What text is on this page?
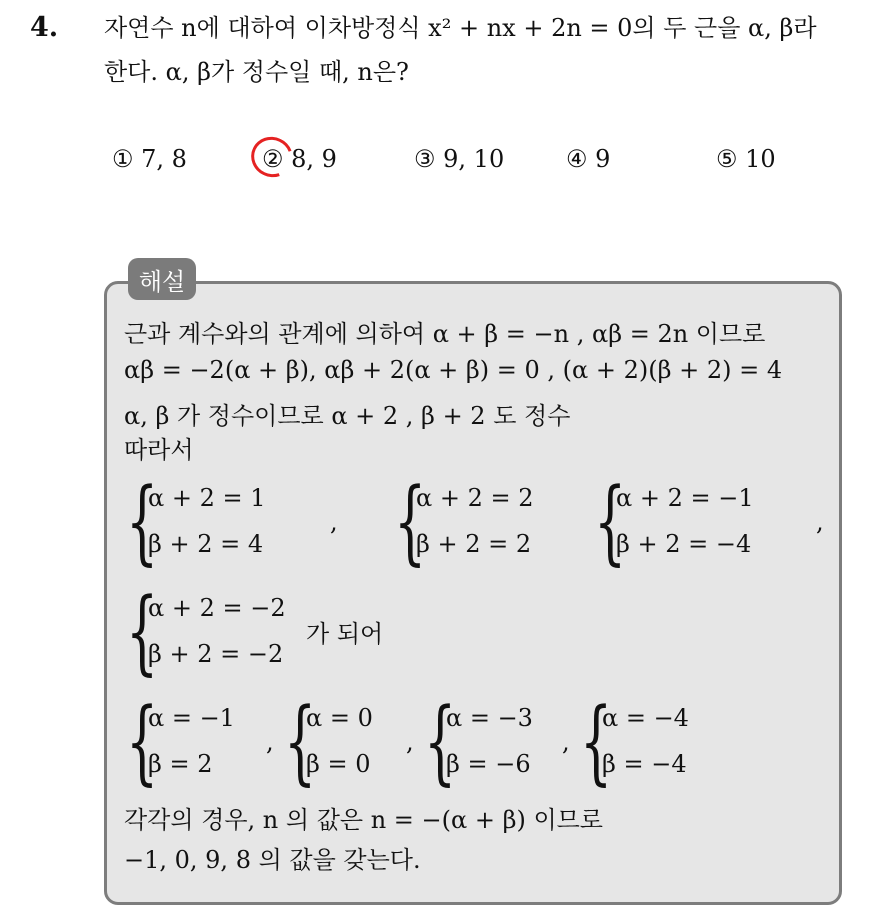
4. 자연수 n에 대하여 이차방정식 x² + nx + 2n = 0의 두 근을 α, β라
한다. α, β가 정수일 때, n은?
① 7, 8	② 8, 9	③ 9, 10	④ 9	⑤ 10
해설
근과 계수와의 관계에 의하여 α + β = −n , αβ = 2n 이므로
αβ = −2(α + β), αβ + 2(α + β) = 0 , (α + 2)(β + 2) = 4
α, β 가 정수이므로 α + 2 , β + 2 도 정수
따라서
{
α + 2 = 1
β + 2 = 4
, {
α + 2 = 2
β + 2 = 2 {
α + 2 = −1
β + 2 = −4
,
{
α + 2 = −2
β + 2 = −2
가 되어
{
α = −1
β = 2
, {
α = 0
β = 0
, {
α = −3
β = −6
, {
α = −4
β = −4
각각의 경우, n 의 값은 n = −(α + β) 이므로
−1, 0, 9, 8 의 값을 갖는다.
